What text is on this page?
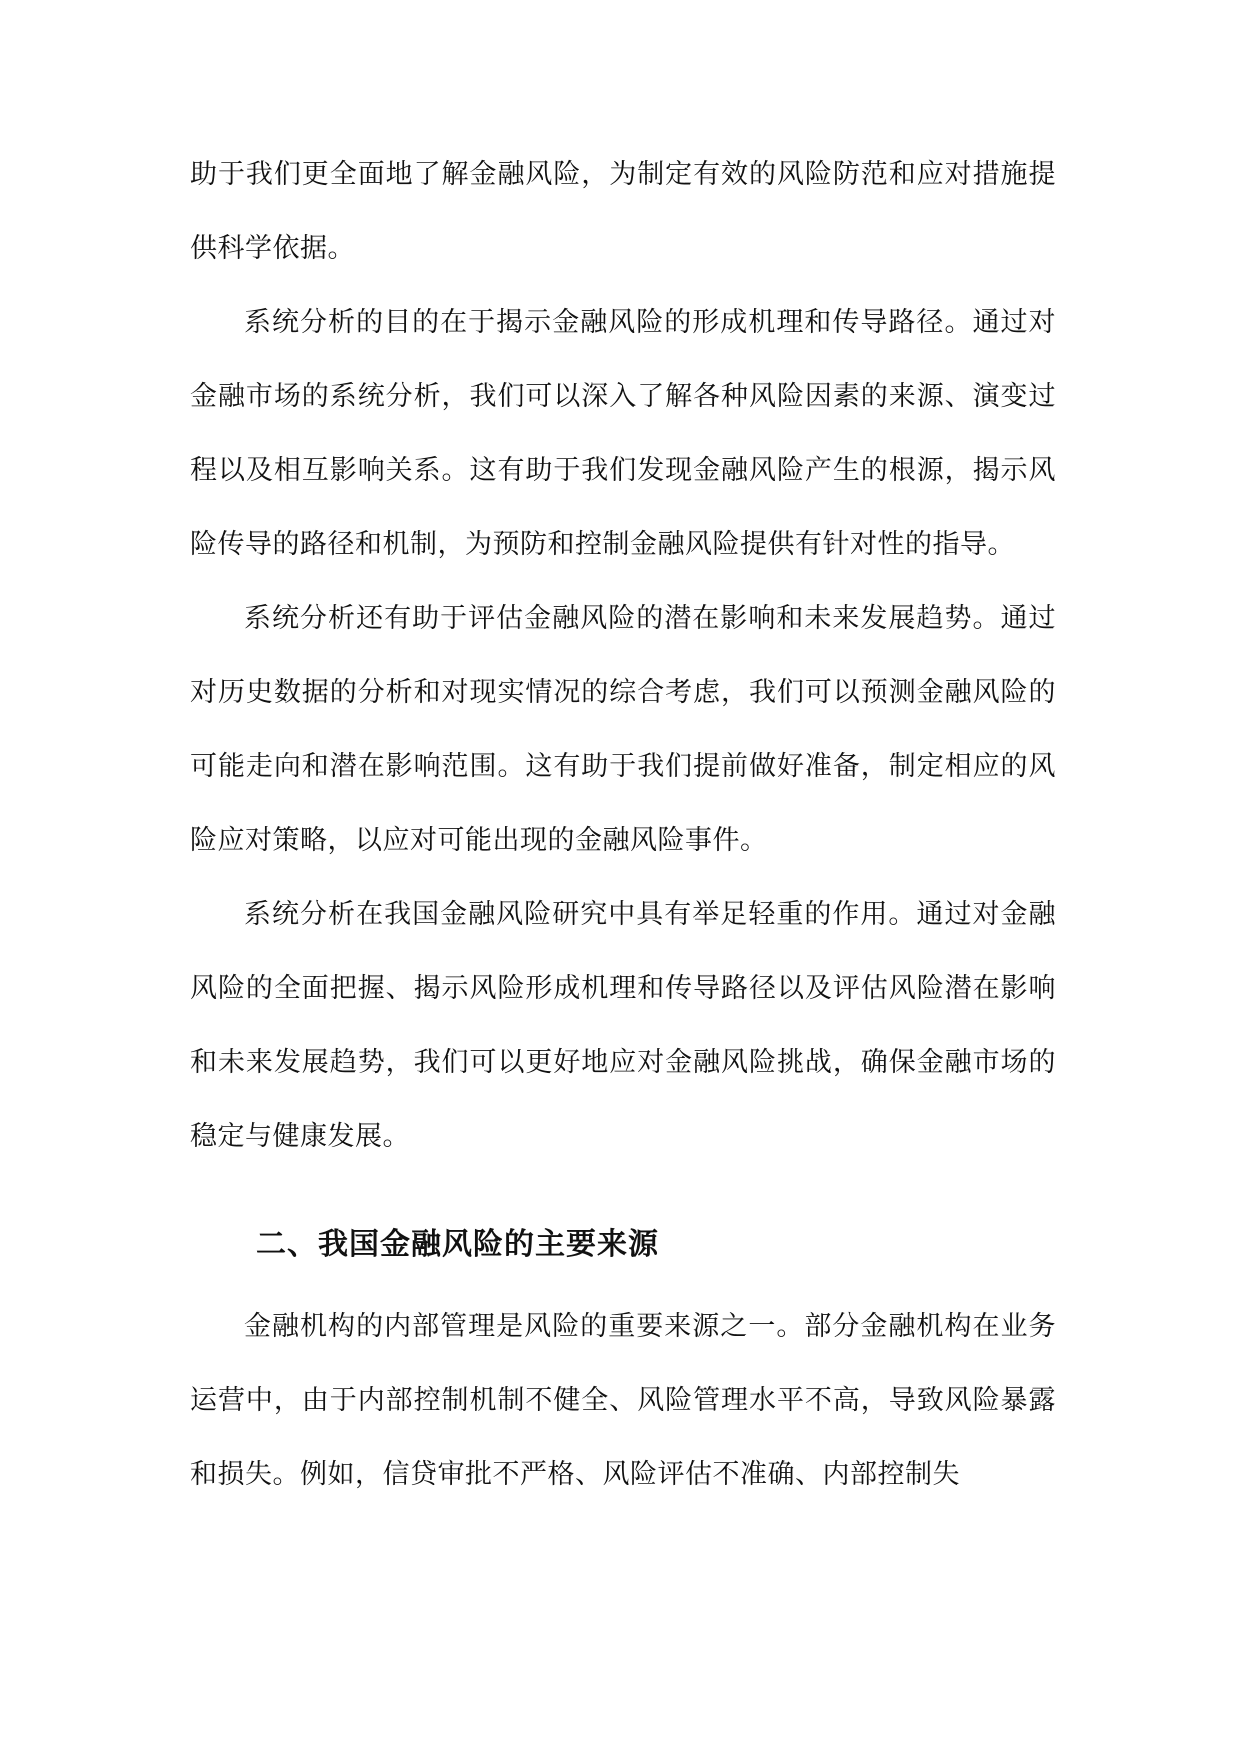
助于我们更全面地了解金融风险，为制定有效的风险防范和应对措施提供科学依据。

系统分析的目的在于揭示金融风险的形成机理和传导路径。通过对金融市场的系统分析，我们可以深入了解各种风险因素的来源、演变过程以及相互影响关系。这有助于我们发现金融风险产生的根源，揭示风险传导的路径和机制，为预防和控制金融风险提供有针对性的指导。

系统分析还有助于评估金融风险的潜在影响和未来发展趋势。通过对历史数据的分析和对现实情况的综合考虑，我们可以预测金融风险的可能走向和潜在影响范围。这有助于我们提前做好准备，制定相应的风险应对策略，以应对可能出现的金融风险事件。

系统分析在我国金融风险研究中具有举足轻重的作用。通过对金融风险的全面把握、揭示风险形成机理和传导路径以及评估风险潜在影响和未来发展趋势，我们可以更好地应对金融风险挑战，确保金融市场的稳定与健康发展。

二、我国金融风险的主要来源

金融机构的内部管理是风险的重要来源之一。部分金融机构在业务运营中，由于内部控制机制不健全、风险管理水平不高，导致风险暴露和损失。例如，信贷审批不严格、风险评估不准确、内部控制失
